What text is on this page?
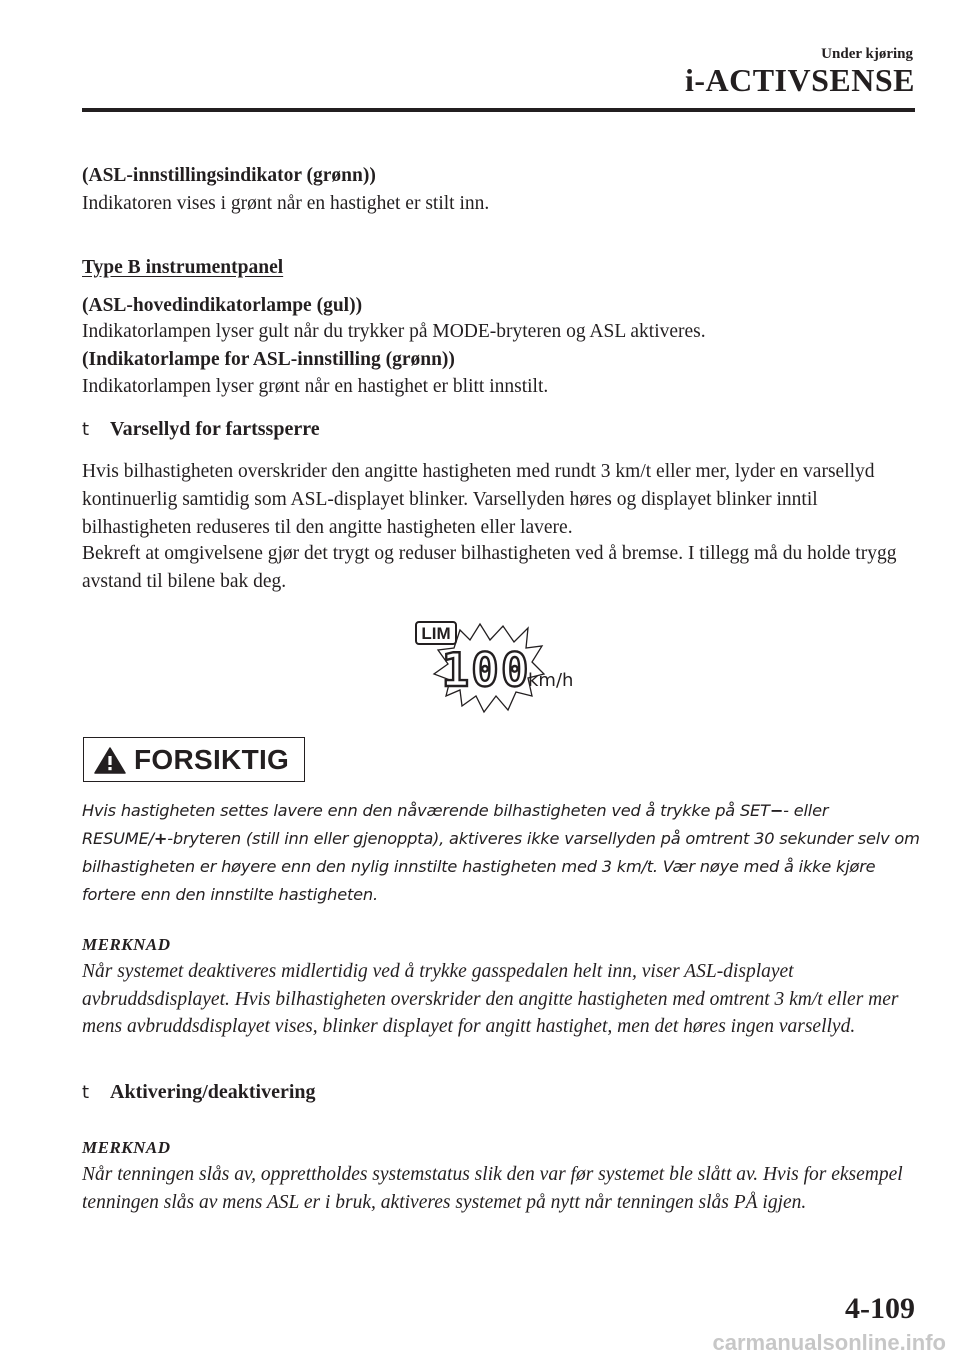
Under kjøring
i-ACTIVSENSE
(ASL-innstillingsindikator (grønn))
Indikatoren vises i grønt når en hastighet er stilt inn.
Type B instrumentpanel
(ASL-hovedindikatorlampe (gul))
Indikatorlampen lyser gult når du trykker på MODE-bryteren og ASL aktiveres.
(Indikatorlampe for ASL-innstilling (grønn))
Indikatorlampen lyser grønt når en hastighet er blitt innstilt.
t	Varsellyd for fartssperre
Hvis bilhastigheten overskrider den angitte hastigheten med rundt 3 km/t eller mer, lyder en varsellyd kontinuerlig samtidig som ASL-displayet blinker. Varsellyden høres og displayet blinker inntil bilhastigheten reduseres til den angitte hastigheten eller lavere.
Bekreft at omgivelsene gjør det trygt og reduser bilhastigheten ved å bremse. I tillegg må du holde trygg avstand til bilene bak deg.
LIM
100
km/h
FORSIKTIG
Hvis hastigheten settes lavere enn den nåværende bilhastigheten ved å trykke på SET−- eller RESUME/+-bryteren (still inn eller gjenoppta), aktiveres ikke varsellyden på omtrent 30 sekunder selv om bilhastigheten er høyere enn den nylig innstilte hastigheten med 3 km/t. Vær nøye med å ikke kjøre fortere enn den innstilte hastigheten.
MERKNAD
Når systemet deaktiveres midlertidig ved å trykke gasspedalen helt inn, viser ASL-displayet avbruddsdisplayet. Hvis bilhastigheten overskrider den angitte hastigheten med omtrent 3 km/t eller mer mens avbruddsdisplayet vises, blinker displayet for angitt hastighet, men det høres ingen varsellyd.
t	Aktivering/deaktivering
MERKNAD
Når tenningen slås av, opprettholdes systemstatus slik den var før systemet ble slått av. Hvis for eksempel tenningen slås av mens ASL er i bruk, aktiveres systemet på nytt når tenningen slås PÅ igjen.
4-109
carmanualsonline.info
